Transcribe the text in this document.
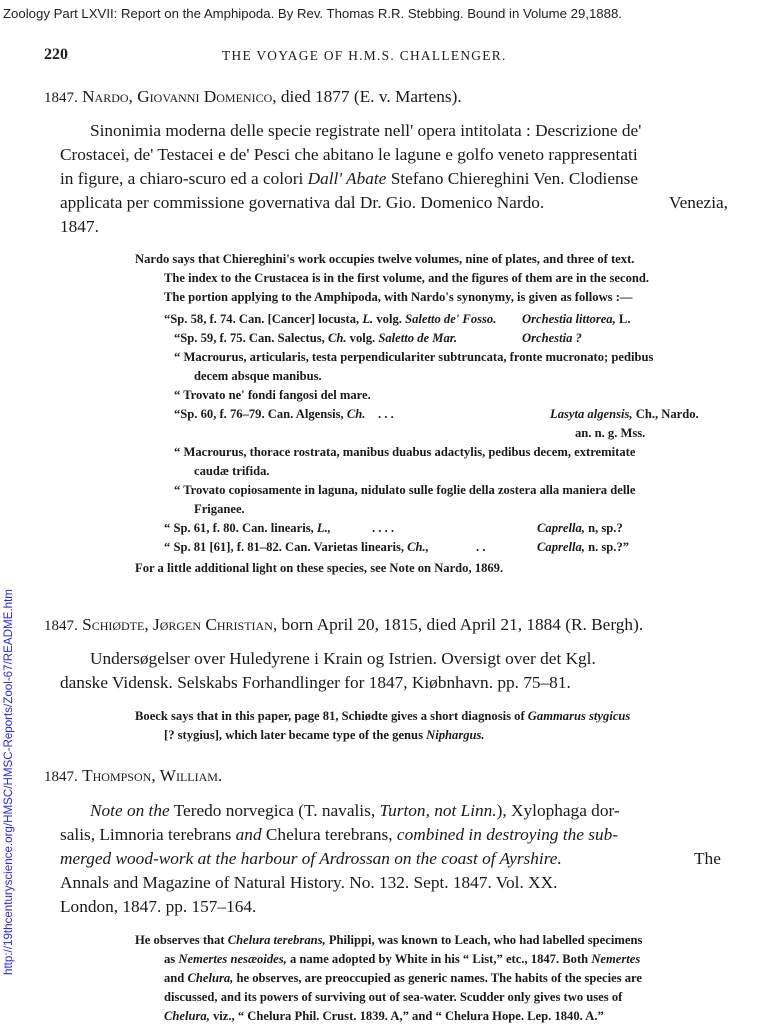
Zoology Part LXVII: Report on the Amphipoda. By Rev. Thomas R.R. Stebbing. Bound in Volume 29,1888.
http://19thcenturyscience.org/HMSC/HMSC-Reports/Zool-67/README.htm
220	THE VOYAGE OF H.M.S. CHALLENGER.
1847. Nardo, Giovanni Domenico, died 1877 (E. v. Martens).
Sinonimia moderna delle specie registrate nell' opera intitolata : Descrizione de'
Crostacei, de' Testacei e de' Pesci che abitano le lagune e golfo veneto rappresentati
in figure, a chiaro-scuro ed a colori Dall' Abate Stefano Chiereghini Ven. Clodiense
applicata per commissione governativa dal Dr. Gio. Domenico Nardo.	Venezia,
1847.
Nardo says that Chiereghini's work occupies twelve volumes, nine of plates, and three of text.
The index to the Crustacea is in the first volume, and the figures of them are in the second.
The portion applying to the Amphipoda, with Nardo's synonymy, is given as follows :—
“Sp. 58, f. 74. Can. [Cancer] locusta, L. volg. Saletto de' Fosso. Orchestia littorea, L.
“Sp. 59, f. 75. Can. Salectus, Ch. volg. Saletto de Mar.	Orchestia ?
“ Macrourus, articularis, testa perpendiculariter subtruncata, fronte mucronato; pedibus
decem absque manibus.
“ Trovato ne' fondi fangosi del mare.
“Sp. 60, f. 76–79. Can. Algensis, Ch. . . .	Lasyta algensis, Ch., Nardo.
an. n. g. Mss.
“ Macrourus, thorace rostrata, manibus duabus adactylis, pedibus decem, extremitate
caudæ trifida.
“ Trovato copiosamente in laguna, nidulato sulle foglie della zostera alla maniera delle
Friganee.
“ Sp. 61, f. 80. Can. linearis, L.,	. . . .	Caprella, n, sp.?
“ Sp. 81 [61], f. 81–82. Can. Varietas linearis, Ch.,	. .	Caprella, n. sp.?”
For a little additional light on these species, see Note on Nardo, 1869.
1847. Schiødte, Jørgen Christian, born April 20, 1815, died April 21, 1884 (R. Bergh).
Undersøgelser over Huledyrene i Krain og Istrien. Oversigt over det Kgl.
danske Vidensk. Selskabs Forhandlinger for 1847, Kiøbnhavn. pp. 75–81.
Boeck says that in this paper, page 81, Schiødte gives a short diagnosis of Gammarus stygicus
[? stygius], which later became type of the genus Niphargus.
1847. Thompson, William.
Note on the Teredo norvegica (T. navalis, Turton, not Linn.), Xylophaga dor-
salis, Limnoria terebrans and Chelura terebrans, combined in destroying the sub-
merged wood-work at the harbour of Ardrossan on the coast of Ayrshire.	The
Annals and Magazine of Natural History. No. 132. Sept. 1847. Vol. XX.
London, 1847. pp. 157–164.
He observes that Chelura terebrans, Philippi, was known to Leach, who had labelled specimens
as Nemertes nesæoides, a name adopted by White in his “ List,” etc., 1847. Both Nemertes
and Chelura, he observes, are preoccupied as generic names. The habits of the species are
discussed, and its powers of surviving out of sea-water. Scudder only gives two uses of
Chelura, viz., “ Chelura Phil. Crust. 1839. A,” and “ Chelura Hope. Lep. 1840. A.”
